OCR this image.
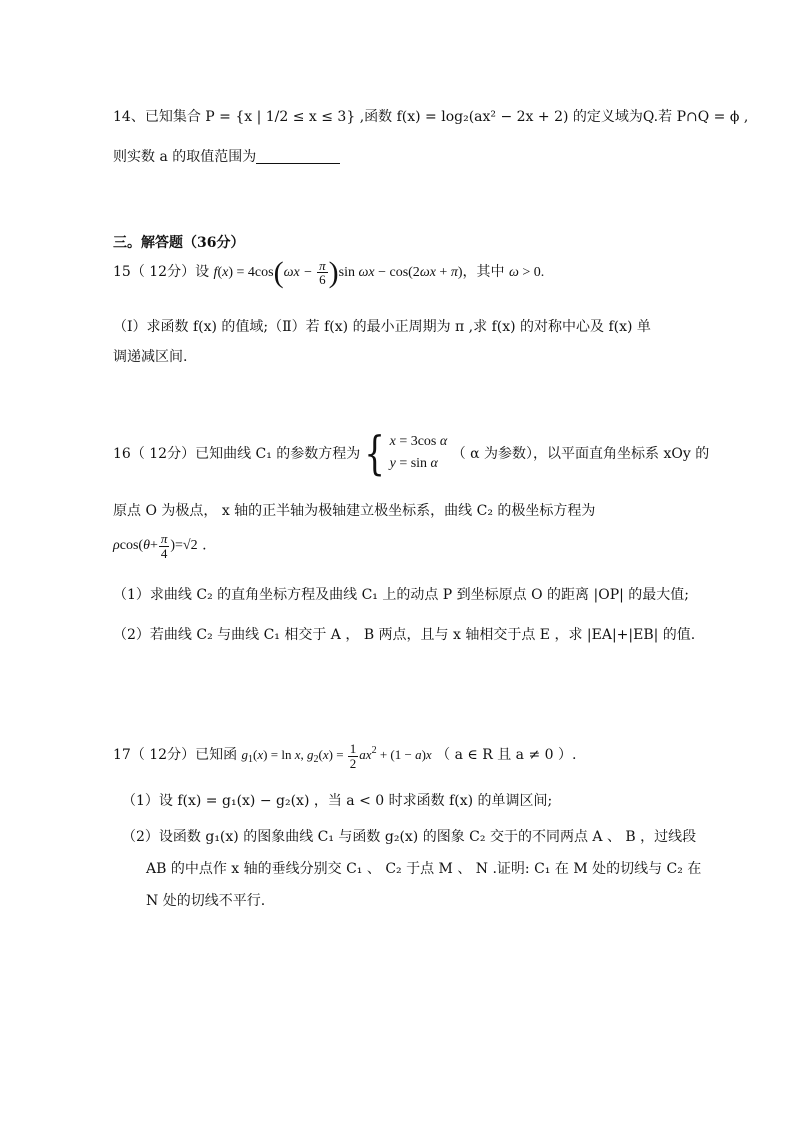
14、已知集合 P = {x | 1/2 ≤ x ≤ 3} ,函数 f(x) = log₂(ax² − 2x + 2) 的定义域为Q.若 P∩Q = ϕ ,
则实数 a 的取值范围为
三。解答题（36分）
15（ 12分）设 $f(x) = 4\cos(\omega x - \frac{\pi}{6} )\sin$ ωx − cos(2ωx + π)，其中 ω > 0.
（Ⅰ）求函数 f(x) 的值域;（Ⅱ）若 f(x) 的最小正周期为 π ,求 f(x) 的对称中心及 f(x) 单
调递减区间.
16（ 12分）已知曲线 C₁ 的参数方程为{ x = 3cos α
y = sin α
（ α 为参数），以平面直角坐标系 xOy 的
原点 O 为极点， x 轴的正半轴为极轴建立极坐标系，曲线 C₂ 的极坐标方程为
$\rho\cos(\theta+ \frac{\pi}{4} )=√2$ .
（1）求曲线 C₂ 的直角坐标方程及曲线 C₁ 上的动点 P 到坐标原点 O 的距离 |OP| 的最大值;
（2）若曲线 C₂ 与曲线 C₁ 相交于 A ， B 两点，且与 x 轴相交于点 E ，求 |EA|+|EB| 的值.
17（ 12分）已知函 $g_1(x) = \ln x$, $g_2(x) = \frac{1}{2} ax^2 + (1 - a)x$ （ a ∈ R 且 a ≠ 0 ）.
（1）设 f(x) = g₁(x) − g₂(x) ，当 a < 0 时求函数 f(x) 的单调区间;
（2）设函数 g₁(x) 的图象曲线 C₁ 与函数 g₂(x) 的图象 C₂ 交于的不同两点 A 、 B ，过线段
AB 的中点作 x 轴的垂线分别交 C₁ 、 C₂ 于点 M 、 N .证明: C₁ 在 M 处的切线与 C₂ 在
N 处的切线不平行.
